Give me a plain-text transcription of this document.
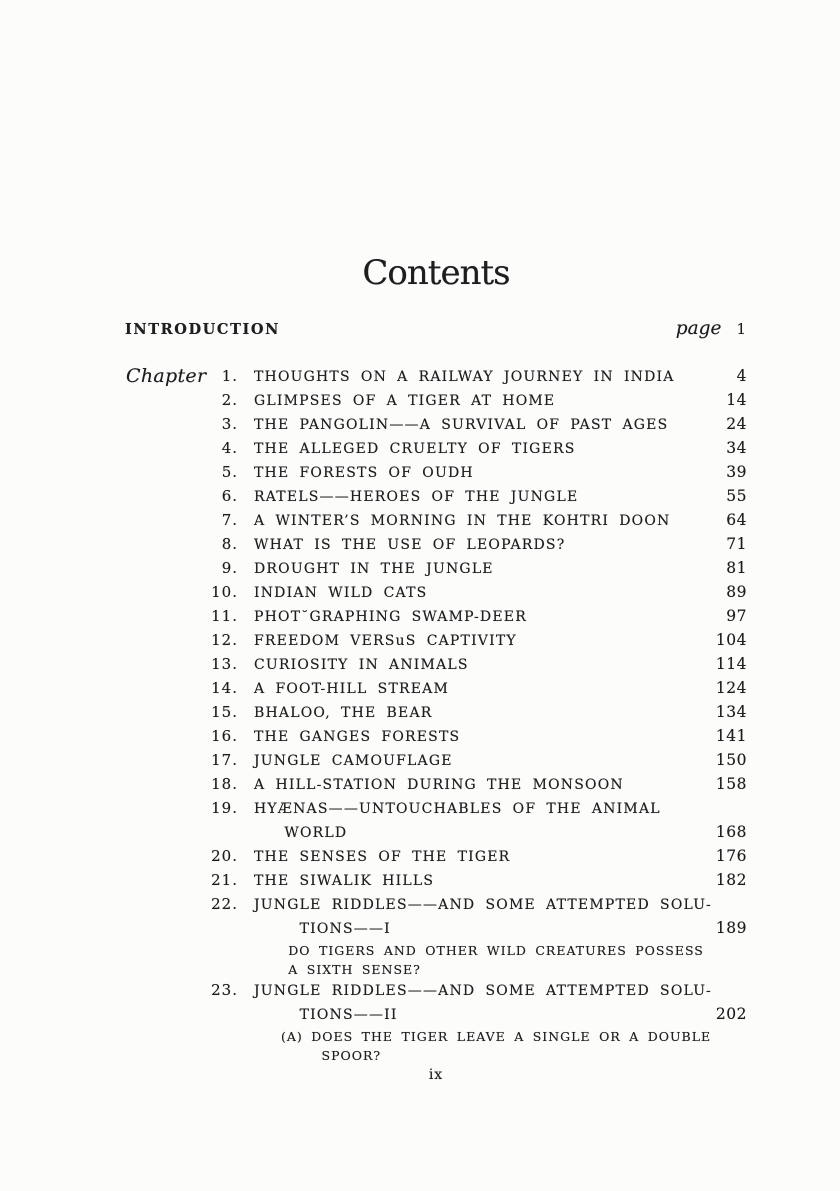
Contents
INTRODUCTION	page 1
Chapter	1. THOUGHTS ON A RAILWAY JOURNEY IN INDIA	4
2. GLIMPSES OF A TIGER AT HOME	14
3. THE PANGOLIN——A SURVIVAL OF PAST AGES	24
4. THE ALLEGED CRUELTY OF TIGERS	34
5. THE FORESTS OF OUDH	39
6. RATELS——HEROES OF THE JUNGLE	55
7. A WINTER’S MORNING IN THE KOHTRI DOON	64
8. WHAT IS THE USE OF LEOPARDS?	71
9. DROUGHT IN THE JUNGLE	81
10. INDIAN WILD CATS	89
11. PHOT˘GRAPHING SWAMP-DEER	97
12. FREEDOM VERSuS CAPTIVITY	104
13. CURIOSITY IN ANIMALS	114
14. A FOOT-HILL STREAM	124
15. BHALOO, THE BEAR	134
16. THE GANGES FORESTS	141
17. JUNGLE CAMOUFLAGE	150
18. A HILL-STATION DURING THE MONSOON	158
19. HYÆNAS——UNTOUCHABLES OF THE ANIMAL
  WORLD	168
20. THE SENSES OF THE TIGER	176
21. THE SIWALIK HILLS	182
22. JUNGLE RIDDLES——AND SOME ATTEMPTED SOLU-
   TIONS——I	189
   DO TIGERS AND OTHER WILD CREATURES POSSESS
   A SIXTH SENSE?
23. JUNGLE RIDDLES——AND SOME ATTEMPTED SOLU-
   TIONS——II	202
  (A) DOES THE TIGER LEAVE A SINGLE OR A DOUBLE
     SPOOR?
ix
